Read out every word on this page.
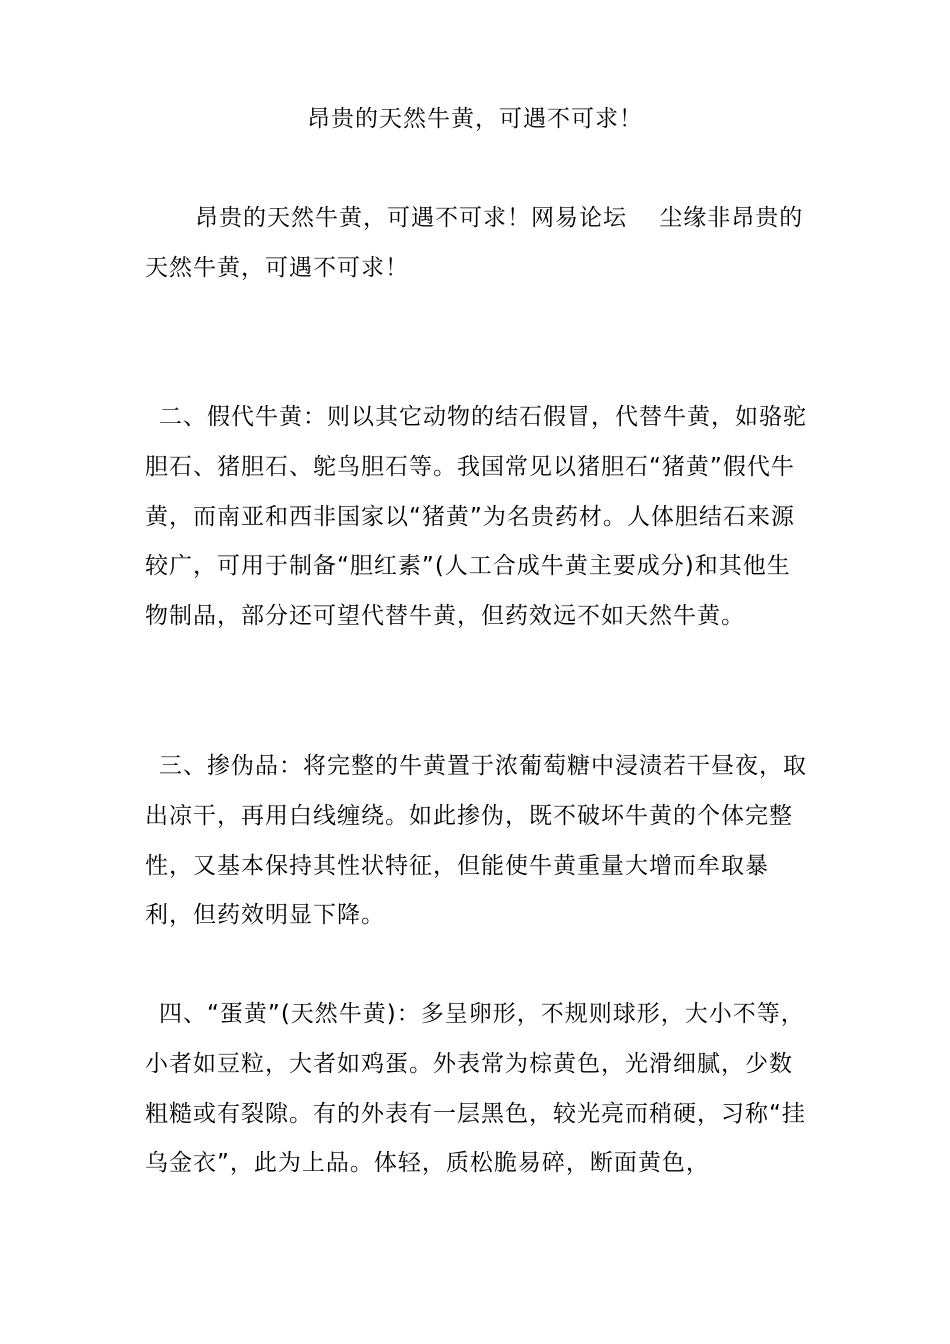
昂贵的天然牛黄，可遇不可求！

昂贵的天然牛黄，可遇不可求！网易论坛　 尘缘非昂贵的天然牛黄，可遇不可求！

二、假代牛黄：则以其它动物的结石假冒，代替牛黄，如骆驼胆石、猪胆石、鸵鸟胆石等。我国常见以猪胆石“猪黄”假代牛黄，而南亚和西非国家以“猪黄”为名贵药材。人体胆结石来源较广，可用于制备“胆红素”(人工合成牛黄主要成分)和其他生物制品，部分还可望代替牛黄，但药效远不如天然牛黄。

三、掺伪品：将完整的牛黄置于浓葡萄糖中浸渍若干昼夜，取出凉干，再用白线缠绕。如此掺伪，既不破坏牛黄的个体完整性，又基本保持其性状特征，但能使牛黄重量大增而牟取暴利，但药效明显下降。

四、“蛋黄”(天然牛黄)：多呈卵形，不规则球形，大小不等，小者如豆粒，大者如鸡蛋。外表常为棕黄色，光滑细腻，少数粗糙或有裂隙。有的外表有一层黑色，较光亮而稍硬，习称“挂乌金衣”，此为上品。体轻，质松脆易碎，断面黄色，
